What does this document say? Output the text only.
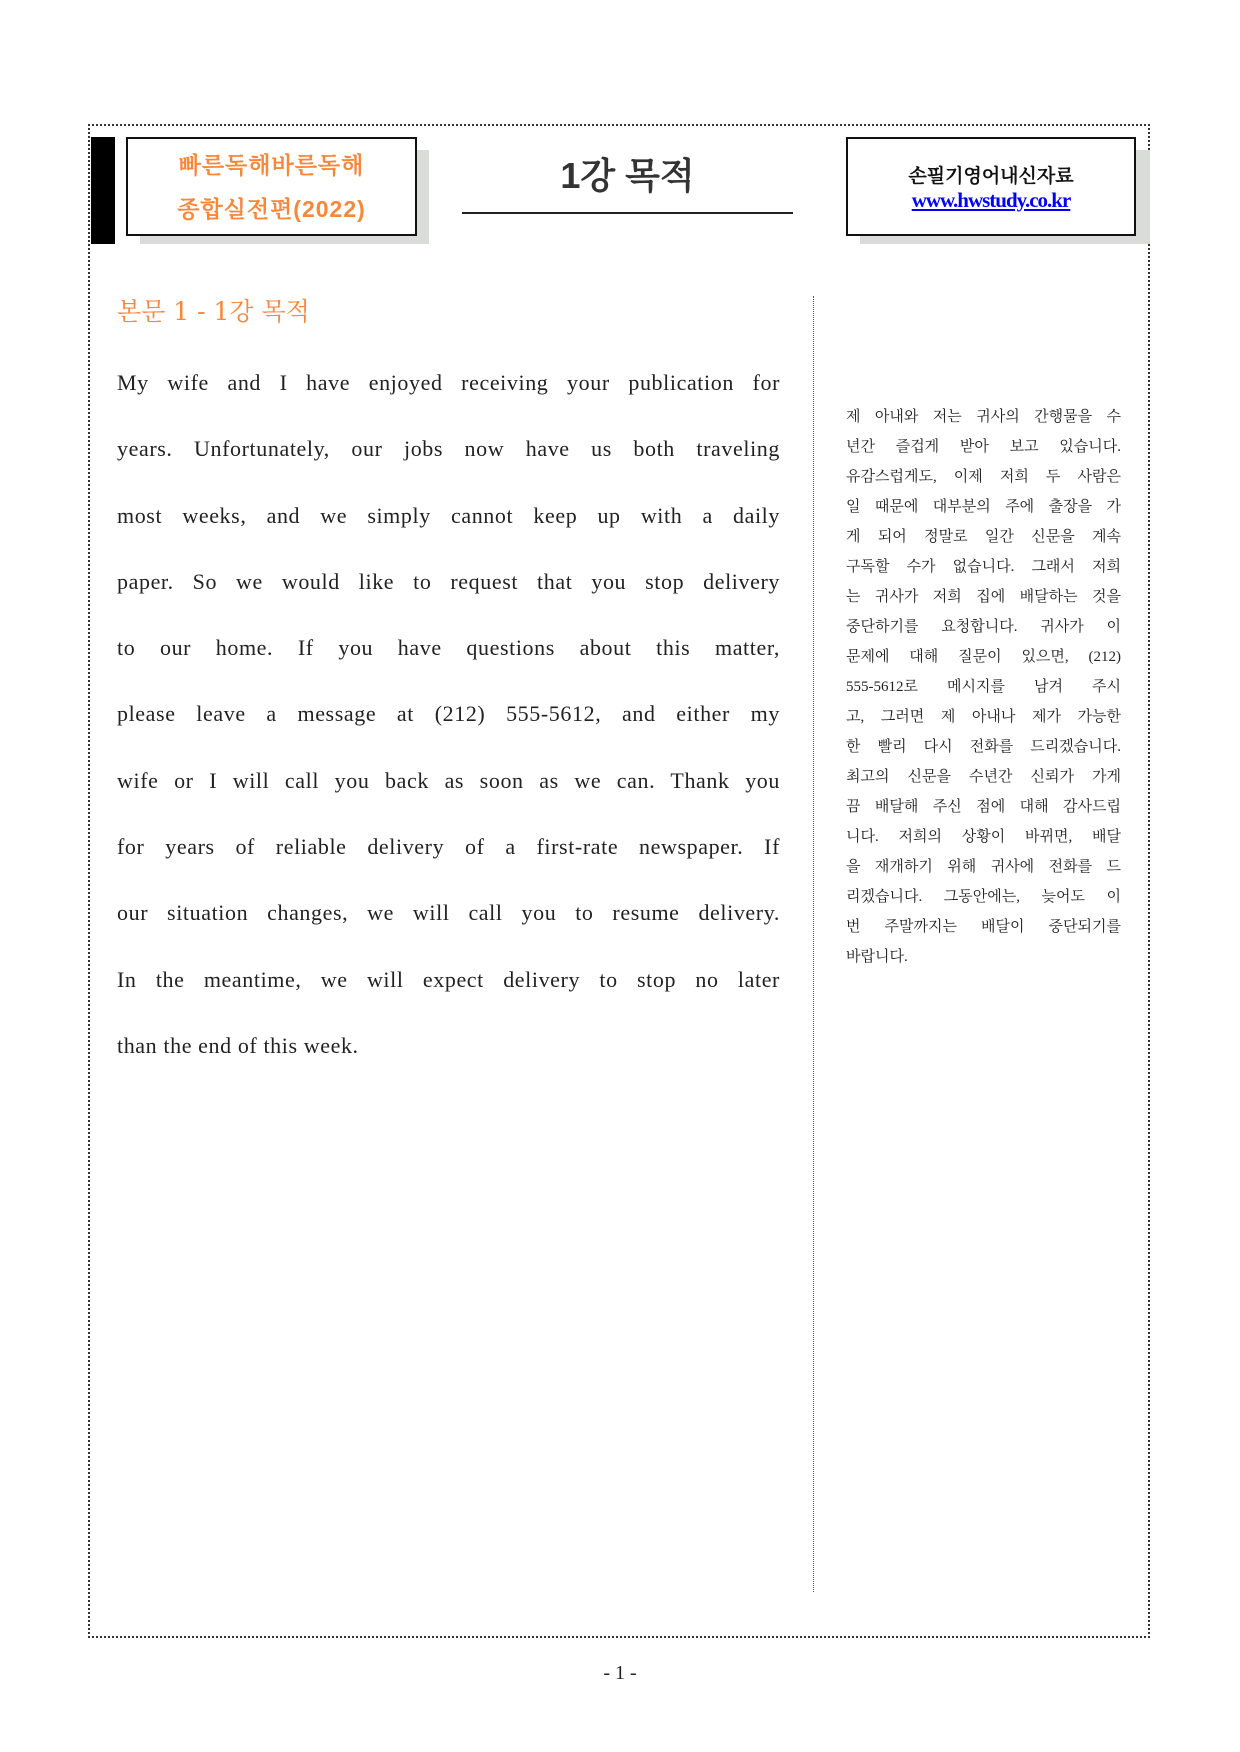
빠른독해바른독해
종합실전편(2022)
1강 목적	손필기영어내신자료
www.hwstudy.co.kr
본문 1 - 1강 목적
My wife and I have enjoyed receiving your publication for
years. Unfortunately, our jobs now have us both traveling
most weeks, and we simply cannot keep up with a daily
paper. So we would like to request that you stop delivery
to our home. If you have questions about this matter,
please leave a message at (212) 555-5612, and either my
wife or I will call you back as soon as we can. Thank you
for years of reliable delivery of a first-rate newspaper. If
our situation changes, we will call you to resume delivery.
In the meantime, we will expect delivery to stop no later
than the end of this week.
제 아내와 저는 귀사의 간행물을 수
년간 즐겁게 받아 보고 있습니다.
유감스럽게도, 이제 저희 두 사람은
일 때문에 대부분의 주에 출장을 가
게 되어 정말로 일간 신문을 계속
구독할 수가 없습니다. 그래서 저희
는 귀사가 저희 집에 배달하는 것을
중단하기를 요청합니다. 귀사가 이
문제에 대해 질문이 있으면, (212)
555-5612로 메시지를 남겨 주시
고, 그러면 제 아내나 제가 가능한
한 빨리 다시 전화를 드리겠습니다.
최고의 신문을 수년간 신뢰가 가게
끔 배달해 주신 점에 대해 감사드립
니다. 저희의 상황이 바뀌면, 배달
을 재개하기 위해 귀사에 전화를 드
리겠습니다. 그동안에는, 늦어도 이
번 주말까지는 배달이 중단되기를
바랍니다.
- 1 -
